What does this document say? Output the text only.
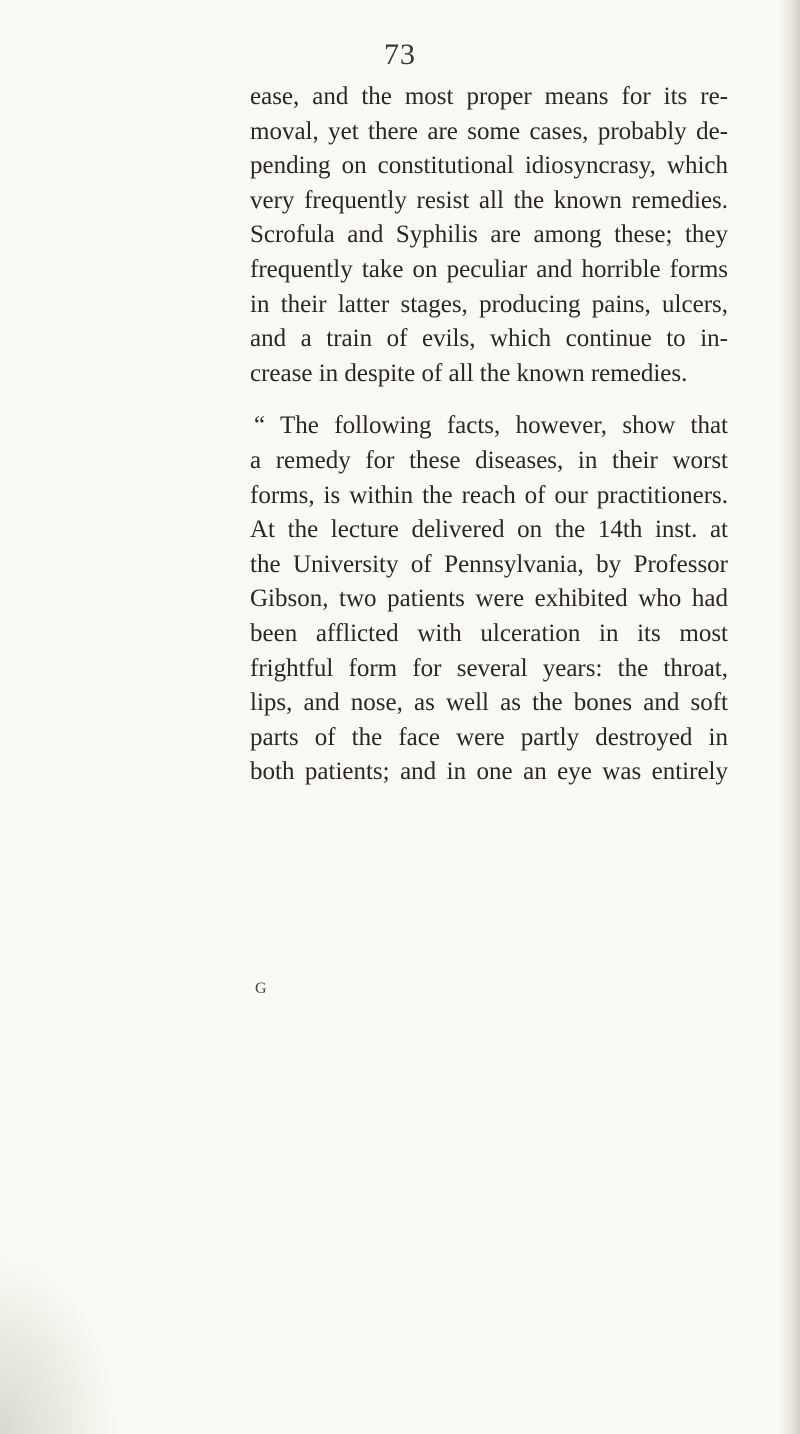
73
ease, and the most proper means for its re-
moval, yet there are some cases, probably de-
pending on constitutional idiosyncrasy, which
very frequently resist all the known remedies.
Scrofula and Syphilis are among these; they
frequently take on peculiar and horrible forms
in their latter stages, producing pains, ulcers,
and a train of evils, which continue to in-
crease in despite of all the known remedies.
“ The following facts, however, show that
a remedy for these diseases, in their worst
forms, is within the reach of our practitioners.
At the lecture delivered on the 14th inst. at
the University of Pennsylvania, by Professor
Gibson, two patients were exhibited who had
been afflicted with ulceration in its most
frightful form for several years: the throat,
lips, and nose, as well as the bones and soft
parts of the face were partly destroyed in
both patients; and in one an eye was entirely
G
